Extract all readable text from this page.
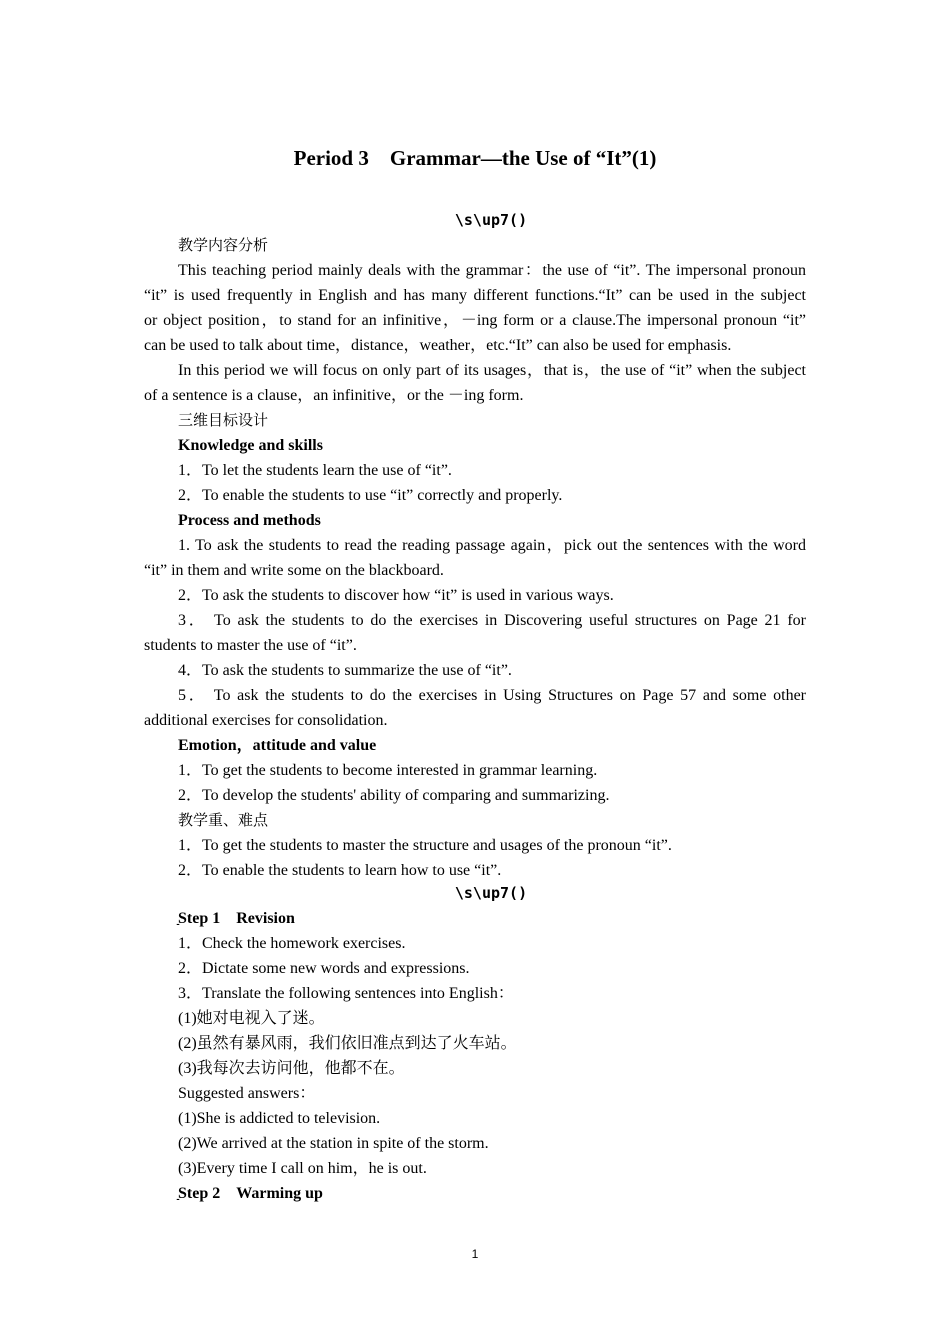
Period 3　Grammar—the Use of “It”(1)
\s\up7()
教学内容分析
This teaching period mainly deals with the grammar：the use of “it”. The impersonal pronoun
“it” is used frequently in English and has many different functions.“It” can be used in the subject
or object position，to stand for an infinitive，－ing form or a clause.The impersonal pronoun “it”
can be used to talk about time，distance，weather，etc.“It” can also be used for emphasis.
In this period we will focus on only part of its usages，that is，the use of “it” when the subject
of a sentence is a clause，an infinitive，or the －ing form.
三维目标设计
Knowledge and skills
1．To let the students learn the use of “it”.
2．To enable the students to use “it” correctly and properly.
Process and methods
1. To ask the students to read the reading passage again，pick out the sentences with the word
“it” in them and write some on the blackboard.
2．To ask the students to discover how “it” is used in various ways.
3． To ask the students to do the exercises in Discovering useful structures on Page 21 for
students to master the use of “it”.
4．To ask the students to summarize the use of “it”.
5． To ask the students to do the exercises in Using Structures on Page 57 and some other
additional exercises for consolidation.
Emotion，attitude and value
1．To get the students to become interested in grammar learning.
2．To develop the students' ability of comparing and summarizing.
教学重、难点
1．To get the students to master the structure and usages of the pronoun “it”.
2．To enable the students to learn how to use “it”.
\s\up7()
ַStep 1　Revision
1．Check the homework exercises.
2．Dictate some new words and expressions.
3．Translate the following sentences into English：
(1)她对电视入了迷。
(2)虽然有暴风雨，我们依旧准点到达了火车站。
(3)我每次去访问他，他都不在。
Suggested answers：
(1)She is addicted to television.
(2)We arrived at the station in spite of the storm.
(3)Every time I call on him，he is out.
ַStep 2　Warming up
1
